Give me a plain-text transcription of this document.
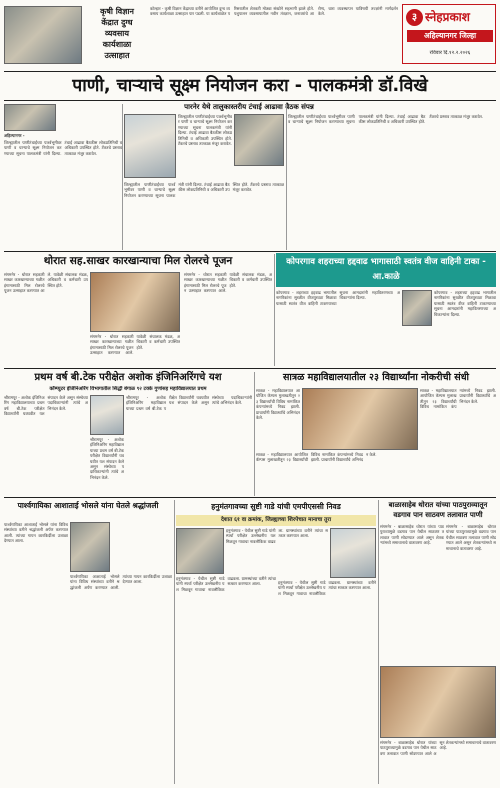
कृषी विज्ञान
केंद्रात दुग्ध
व्यवसाय
कार्यशाळा
उत्साहात
कोल्हार - कृषी विज्ञान केंद्राच्या वतीने आयोजित दुग्ध व्यवसाय कार्यशाळा उत्साहात पार पडली. या कार्यशाळेत परिसरातील शेतकरी मोठ्या संख्येने सहभागी झाले होते. पशुपालन व्यवसायातील नवीन तंत्रज्ञान, जनावरांचे आरोग्य, चारा व्यवस्थापन याविषयी तज्ज्ञांनी मार्गदर्शन केले.	३ स्नेहप्रकाश
अहिल्यानगर जिल्हा
रविवार दि.१२.२.२०२६
पाणी, चाऱ्याचे सूक्ष्म नियोजन करा - पालकमंत्री डॉ.विखे
अहिल्यानगर -
जिल्ह्यातील पाणीटंचाईच्या पार्श्वभूमीवर पाणी व चाऱ्याचे सूक्ष्म नियोजन करण्याच्या सूचना पालकमंत्री यांनी दिल्या. टंचाई आढावा बैठकीस लोकप्रतिनिधी व अधिकारी उपस्थित होते. टँकरचे प्रस्ताव तात्काळ मंजूर करावेत.
पारनेर येथे तालुकास्तरीय टंचाई आढावा बैठक संपन्न
जिल्ह्यातील पाणीटंचाईच्या पार्श्वभूमीवर पाणी व चाऱ्याचे सूक्ष्म नियोजन करण्याच्या सूचना पालकमंत्री यांनी दिल्या. टंचाई आढावा बैठकीस लोकप्रतिनिधी व अधिकारी उपस्थित होते. टँकरचे प्रस्ताव तात्काळ मंजूर करावेत.
जिल्ह्यातील पाणीटंचाईच्या पार्श्वभूमीवर पाणी व चाऱ्याचे सूक्ष्म नियोजन करण्याच्या सूचना पालकमंत्री यांनी दिल्या. टंचाई आढावा बैठकीस लोकप्रतिनिधी व अधिकारी उपस्थित होते. टँकरचे प्रस्ताव तात्काळ मंजूर करावेत.
जिल्ह्यातील पाणीटंचाईच्या पार्श्वभूमीवर पाणी व चाऱ्याचे सूक्ष्म नियोजन करण्याच्या सूचना पालकमंत्री यांनी दिल्या. टंचाई आढावा बैठकीस लोकप्रतिनिधी व अधिकारी उपस्थित होते. टँकरचे प्रस्ताव तात्काळ मंजूर करावेत.
थोरात सह.साखर कारखान्याचा मिल रोलरचे पूजन
संगमनेर - थोरात सहकारी साखर कारखान्याच्या गळीत हंगामासाठी मिल रोलरचे पूजन उत्साहात करण्यात आले. यावेळी संचालक मंडळ, अधिकारी व कर्मचारी उपस्थित होते.
संगमनेर - थोरात सहकारी साखर कारखान्याच्या गळीत हंगामासाठी मिल रोलरचे पूजन उत्साहात करण्यात आले. यावेळी संचालक मंडळ, अधिकारी व कर्मचारी उपस्थित होते.
संगमनेर - थोरात सहकारी साखर कारखान्याच्या गळीत हंगामासाठी मिल रोलरचे पूजन उत्साहात करण्यात आले. यावेळी संचालक मंडळ, अधिकारी व कर्मचारी उपस्थित होते.
कोपरगाव शहराच्या हद्दवाढ भागासाठी स्वतंत्र वीज वाहिनी टाका - आ.काळे
कोपरगाव - शहराच्या हद्दवाढ भागातील नागरिकांना सुरळीत वीजपुरवठा मिळावा यासाठी स्वतंत्र वीज वाहिनी टाकण्याच्या सूचना आमदारांनी महावितरणच्या अधिकाऱ्यांना दिल्या.
कोपरगाव - शहराच्या हद्दवाढ भागातील नागरिकांना सुरळीत वीजपुरवठा मिळावा यासाठी स्वतंत्र वीज वाहिनी टाकण्याच्या सूचना आमदारांनी महावितरणच्या अधिकाऱ्यांना दिल्या.
प्रथम वर्ष बी.टेक परीक्षेत अशोक इंजिनिअरिंगचे यश
कॉम्प्युटर इंजिनिअरिंग विभागातील सिद्धी बंगाळ ९२ टक्के गुणांसह महाविद्यालयात प्रथम
श्रीरामपूर - अशोक इंजिनिअरिंग महाविद्यालयाच्या प्रथम वर्ष बी.टेक परीक्षेत विद्यार्थ्यांनी घवघवीत यश संपादन केले असून संस्थेच्या पदाधिकाऱ्यांनी त्यांचे अभिनंदन केले.
श्रीरामपूर - अशोक इंजिनिअरिंग महाविद्यालयाच्या प्रथम वर्ष बी.टेक परीक्षेत विद्यार्थ्यांनी घवघवीत यश संपादन केले असून संस्थेच्या पदाधिकाऱ्यांनी त्यांचे अभिनंदन केले.
श्रीरामपूर - अशोक इंजिनिअरिंग महाविद्यालयाच्या प्रथम वर्ष बी.टेक परीक्षेत विद्यार्थ्यांनी घवघवीत यश संपादन केले असून संस्थेच्या पदाधिकाऱ्यांनी त्यांचे अभिनंदन केले.
सात्रळ महाविद्यालयातील २३ विद्यार्थ्यांना नोकरीची संधी
सात्रळ - महाविद्यालयात आयोजित कॅम्पस मुलाखतीतून २३ विद्यार्थ्यांची विविध नामांकित कंपन्यांमध्ये निवड झाली. प्राचार्यांनी विद्यार्थ्यांचे अभिनंदन केले.
सात्रळ - महाविद्यालयात आयोजित कॅम्पस मुलाखतीतून २३ विद्यार्थ्यांची विविध नामांकित कंपन्यांमध्ये निवड झाली. प्राचार्यांनी विद्यार्थ्यांचे अभिनंदन केले.
सात्रळ - महाविद्यालयात आयोजित कॅम्पस मुलाखतीतून २३ विद्यार्थ्यांची विविध नामांकित कंपन्यांमध्ये निवड झाली. प्राचार्यांनी विद्यार्थ्यांचे अभिनंदन केले.
पार्श्वगायिका आशाताई भोसले यांना घेतले श्रद्धांजली
पार्श्वगायिका आशाताई भोसले यांना विविध संस्थांच्या वतीने श्रद्धांजली अर्पण करण्यात आली. त्यांच्या गायन कारकिर्दीला उजाळा देण्यात आला.
पार्श्वगायिका आशाताई भोसले यांना विविध संस्थांच्या वतीने श्रद्धांजली अर्पण करण्यात आली. त्यांच्या गायन कारकिर्दीला उजाळा देण्यात आला.
हनुमंतगावच्या सुष्टी गाडे यांची एमपीएससी निवड
देशात ६१ वा क्रमांक, जिल्ह्याच्या शिरपेचात मानाचा तुरा
हनुमंतगाव - येथील सुष्टी गाडे यांनी स्पर्धा परीक्षेत उल्लेखनीय यश मिळवून गावाचा नावलौकिक वाढवला. ग्रामस्थांच्या वतीने त्यांचा सत्कार करण्यात आला.
हनुमंतगाव - येथील सुष्टी गाडे यांनी स्पर्धा परीक्षेत उल्लेखनीय यश मिळवून गावाचा नावलौकिक वाढवला. ग्रामस्थांच्या वतीने त्यांचा सत्कार करण्यात आला.
हनुमंतगाव - येथील सुष्टी गाडे यांनी स्पर्धा परीक्षेत उल्लेखनीय यश मिळवून गावाचा नावलौकिक वाढवला. ग्रामस्थांच्या वतीने त्यांचा सत्कार करण्यात आला.
बाळासाहेब थोरात यांच्या पाठपुराव्यातून वडगाव पान साठवण तलावात पाणी
संगमनेर - बाळासाहेब थोरात यांच्या पाठपुराव्यामुळे वडगाव पान येथील साठवण तलावात पाणी सोडण्यात आले असून शेतकऱ्यांमध्ये समाधानाचे वातावरण आहे.
संगमनेर - बाळासाहेब थोरात यांच्या पाठपुराव्यामुळे वडगाव पान येथील साठवण तलावात पाणी सोडण्यात आले असून शेतकऱ्यांमध्ये समाधानाचे वातावरण आहे.
संगमनेर - बाळासाहेब थोरात यांच्या पाठपुराव्यामुळे वडगाव पान येथील साठवण तलावात पाणी सोडण्यात आले असून शेतकऱ्यांमध्ये समाधानाचे वातावरण आहे.
